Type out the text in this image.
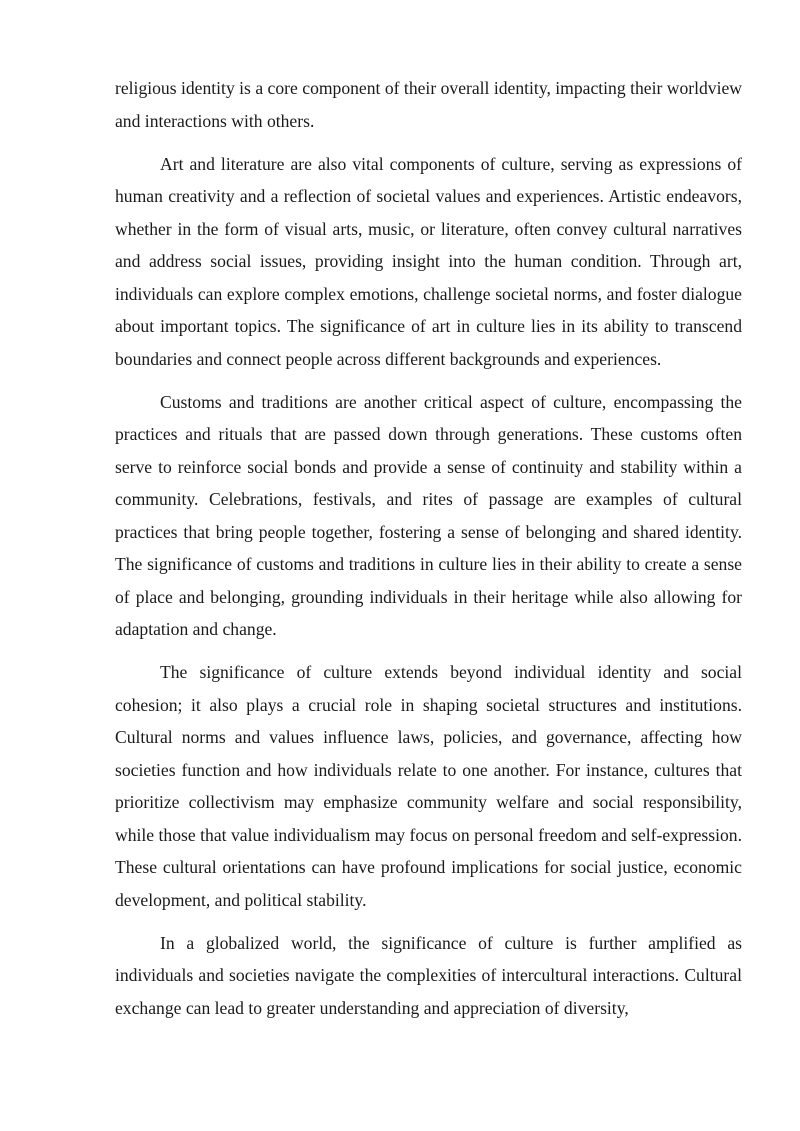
religious identity is a core component of their overall identity, impacting their worldview and interactions with others.

Art and literature are also vital components of culture, serving as expressions of human creativity and a reflection of societal values and experiences. Artistic endeavors, whether in the form of visual arts, music, or literature, often convey cultural narratives and address social issues, providing insight into the human condition. Through art, individuals can explore complex emotions, challenge societal norms, and foster dialogue about important topics. The significance of art in culture lies in its ability to transcend boundaries and connect people across different backgrounds and experiences.

Customs and traditions are another critical aspect of culture, encompassing the practices and rituals that are passed down through generations. These customs often serve to reinforce social bonds and provide a sense of continuity and stability within a community. Celebrations, festivals, and rites of passage are examples of cultural practices that bring people together, fostering a sense of belonging and shared identity. The significance of customs and traditions in culture lies in their ability to create a sense of place and belonging, grounding individuals in their heritage while also allowing for adaptation and change.

The significance of culture extends beyond individual identity and social cohesion; it also plays a crucial role in shaping societal structures and institutions. Cultural norms and values influence laws, policies, and governance, affecting how societies function and how individuals relate to one another. For instance, cultures that prioritize collectivism may emphasize community welfare and social responsibility, while those that value individualism may focus on personal freedom and self-expression. These cultural orientations can have profound implications for social justice, economic development, and political stability.

In a globalized world, the significance of culture is further amplified as individuals and societies navigate the complexities of intercultural interactions. Cultural exchange can lead to greater understanding and appreciation of diversity,
